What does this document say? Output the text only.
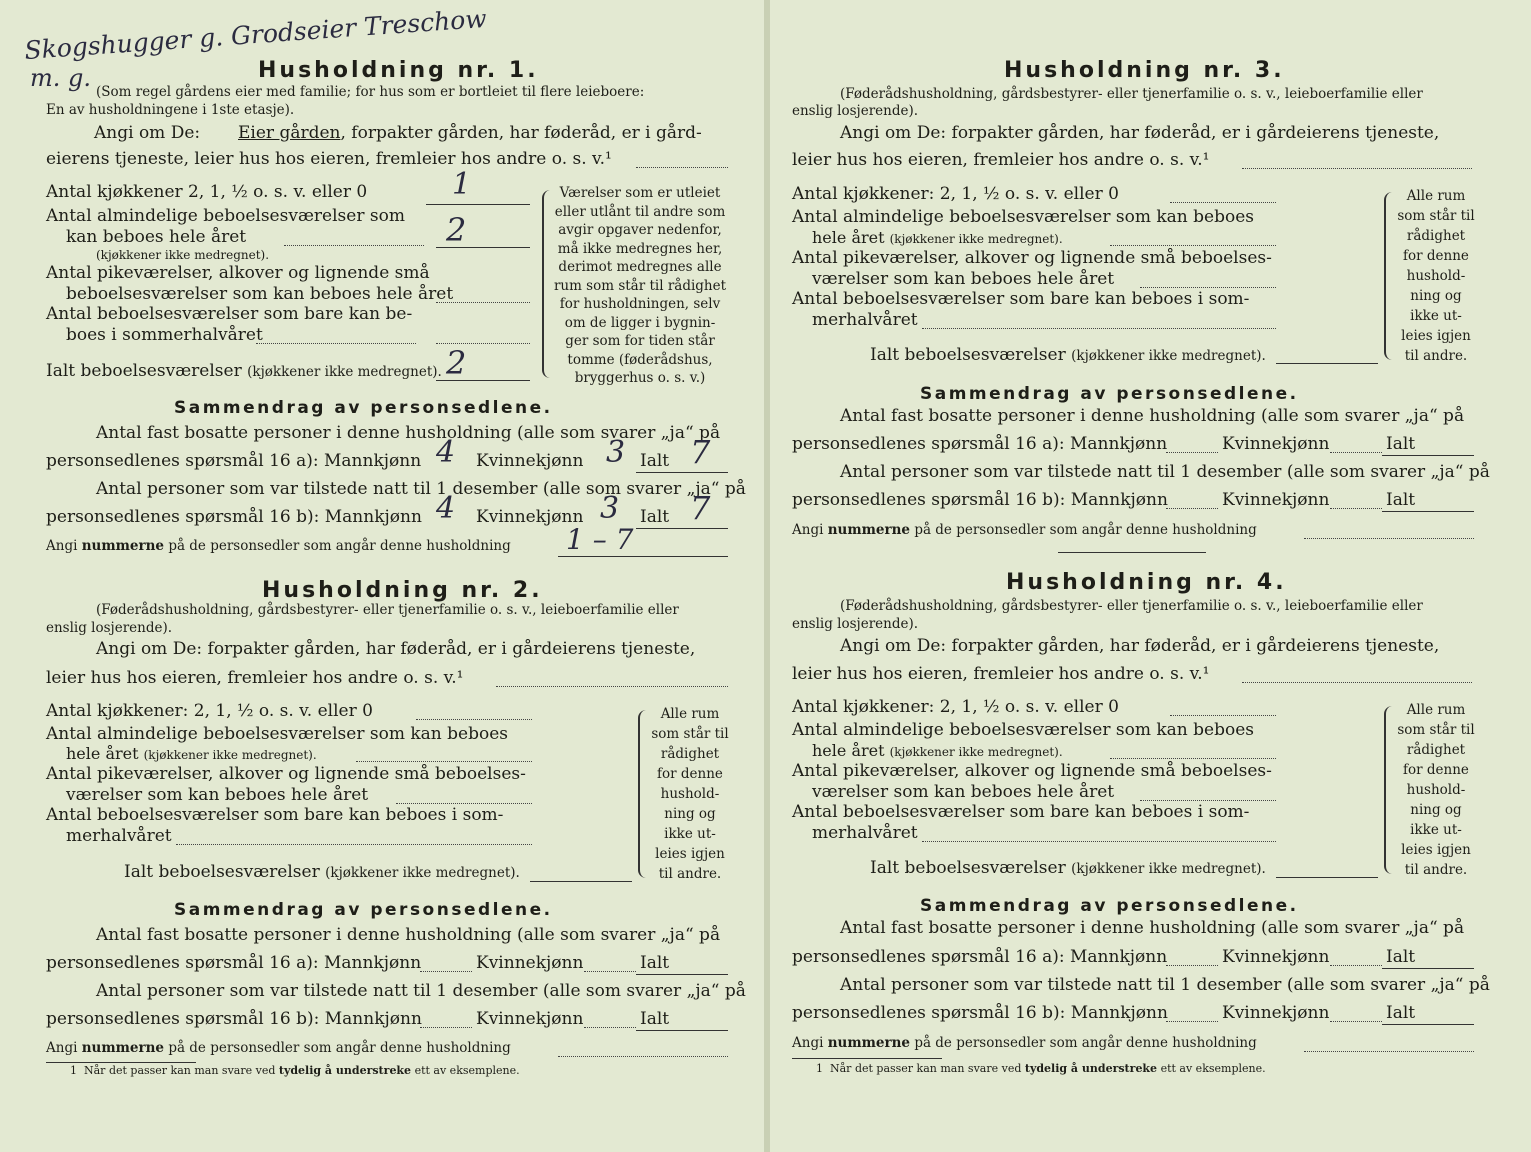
Skogshugger g. Grodseier Treschow
m. g.	Husholdning nr. 1.
(Som regel gårdens eier med familie; for hus som er bortleiet til flere leieboere:
En av husholdningene i 1ste etasje).
Angi om De: Eier gården, forpakter gården, har føderåd, er i gård-
eierens tjeneste, leier hus hos eieren, fremleier hos andre o. s. v.¹
Antal kjøkkener 2, 1, ½ o. s. v. eller 0	1
Antal almindelige beboelsesværelser som
kan beboes hele året	2
(kjøkkener ikke medregnet).
Antal pikeværelser, alkover og lignende små
beboelsesværelser som kan beboes hele året
Antal beboelsesværelser som bare kan be-
boes i sommerhalvåret
Ialt beboelsesværelser (kjøkkener ikke medregnet). 2
Værelser som er utleiet
eller utlånt til andre som
avgir opgaver nedenfor,
må ikke medregnes her,
derimot medregnes alle
rum som står til rådighet
for husholdningen, selv
om de ligger i bygnin-
ger som for tiden står
tomme (føderådshus,
bryggerhus o. s. v.)
Sammendrag av personsedlene.
Antal fast bosatte personer i denne husholdning (alle som svarer „ja“ på
personsedlenes spørsmål 16 a): Mannkjønn 4 Kvinnekjønn 3 Ialt 7
Antal personer som var tilstede natt til 1 desember (alle som svarer „ja“ på
personsedlenes spørsmål 16 b): Mannkjønn 4 Kvinnekjønn 3 Ialt 7
Angi nummerne på de personsedler som angår denne husholdning 1 – 7
Husholdning nr. 2.
(Føderådshusholdning, gårdsbestyrer- eller tjenerfamilie o. s. v., leieboerfamilie eller
enslig losjerende).
Angi om De: forpakter gården, har føderåd, er i gårdeierens tjeneste,
leier hus hos eieren, fremleier hos andre o. s. v.¹
Antal kjøkkener: 2, 1, ½ o. s. v. eller 0
Antal almindelige beboelsesværelser som kan beboes
hele året (kjøkkener ikke medregnet).
Antal pikeværelser, alkover og lignende små beboelses-
værelser som kan beboes hele året
Antal beboelsesværelser som bare kan beboes i som-
merhalvåret
Ialt beboelsesværelser (kjøkkener ikke medregnet).
Alle rum
som står til
rådighet
for denne
hushold-
ning og
ikke ut-
leies igjen
til andre.
Sammendrag av personsedlene.
Antal fast bosatte personer i denne husholdning (alle som svarer „ja“ på
personsedlenes spørsmål 16 a): Mannkjønn	Kvinnekjønn	Ialt
Antal personer som var tilstede natt til 1 desember (alle som svarer „ja“ på
personsedlenes spørsmål 16 b): Mannkjønn	Kvinnekjønn	Ialt
Angi nummerne på de personsedler som angår denne husholdning
1 Når det passer kan man svare ved tydelig å understreke ett av eksemplene.
Husholdning nr. 3.
(Føderådshusholdning, gårdsbestyrer- eller tjenerfamilie o. s. v., leieboerfamilie eller
enslig losjerende).
Angi om De: forpakter gården, har føderåd, er i gårdeierens tjeneste,
leier hus hos eieren, fremleier hos andre o. s. v.¹
Antal kjøkkener: 2, 1, ½ o. s. v. eller 0
Antal almindelige beboelsesværelser som kan beboes
hele året (kjøkkener ikke medregnet).
Antal pikeværelser, alkover og lignende små beboelses-
værelser som kan beboes hele året
Antal beboelsesværelser som bare kan beboes i som-
merhalvåret
Ialt beboelsesværelser (kjøkkener ikke medregnet).
Alle rum
som står til
rådighet
for denne
hushold-
ning og
ikke ut-
leies igjen
til andre.
Sammendrag av personsedlene.
Antal fast bosatte personer i denne husholdning (alle som svarer „ja“ på
personsedlenes spørsmål 16 a): Mannkjønn	Kvinnekjønn	Ialt
Antal personer som var tilstede natt til 1 desember (alle som svarer „ja“ på
personsedlenes spørsmål 16 b): Mannkjønn	Kvinnekjønn	Ialt
Angi nummerne på de personsedler som angår denne husholdning
Husholdning nr. 4.
(Føderådshusholdning, gårdsbestyrer- eller tjenerfamilie o. s. v., leieboerfamilie eller
enslig losjerende).
Angi om De: forpakter gården, har føderåd, er i gårdeierens tjeneste,
leier hus hos eieren, fremleier hos andre o. s. v.¹
Antal kjøkkener: 2, 1, ½ o. s. v. eller 0
Antal almindelige beboelsesværelser som kan beboes
hele året (kjøkkener ikke medregnet).
Antal pikeværelser, alkover og lignende små beboelses-
værelser som kan beboes hele året
Antal beboelsesværelser som bare kan beboes i som-
merhalvåret
Ialt beboelsesværelser (kjøkkener ikke medregnet).
Alle rum
som står til
rådighet
for denne
hushold-
ning og
ikke ut-
leies igjen
til andre.
Sammendrag av personsedlene.
Antal fast bosatte personer i denne husholdning (alle som svarer „ja“ på
personsedlenes spørsmål 16 a): Mannkjønn	Kvinnekjønn	Ialt
Antal personer som var tilstede natt til 1 desember (alle som svarer „ja“ på
personsedlenes spørsmål 16 b): Mannkjønn	Kvinnekjønn	Ialt
Angi nummerne på de personsedler som angår denne husholdning
1 Når det passer kan man svare ved tydelig å understreke ett av eksemplene.
